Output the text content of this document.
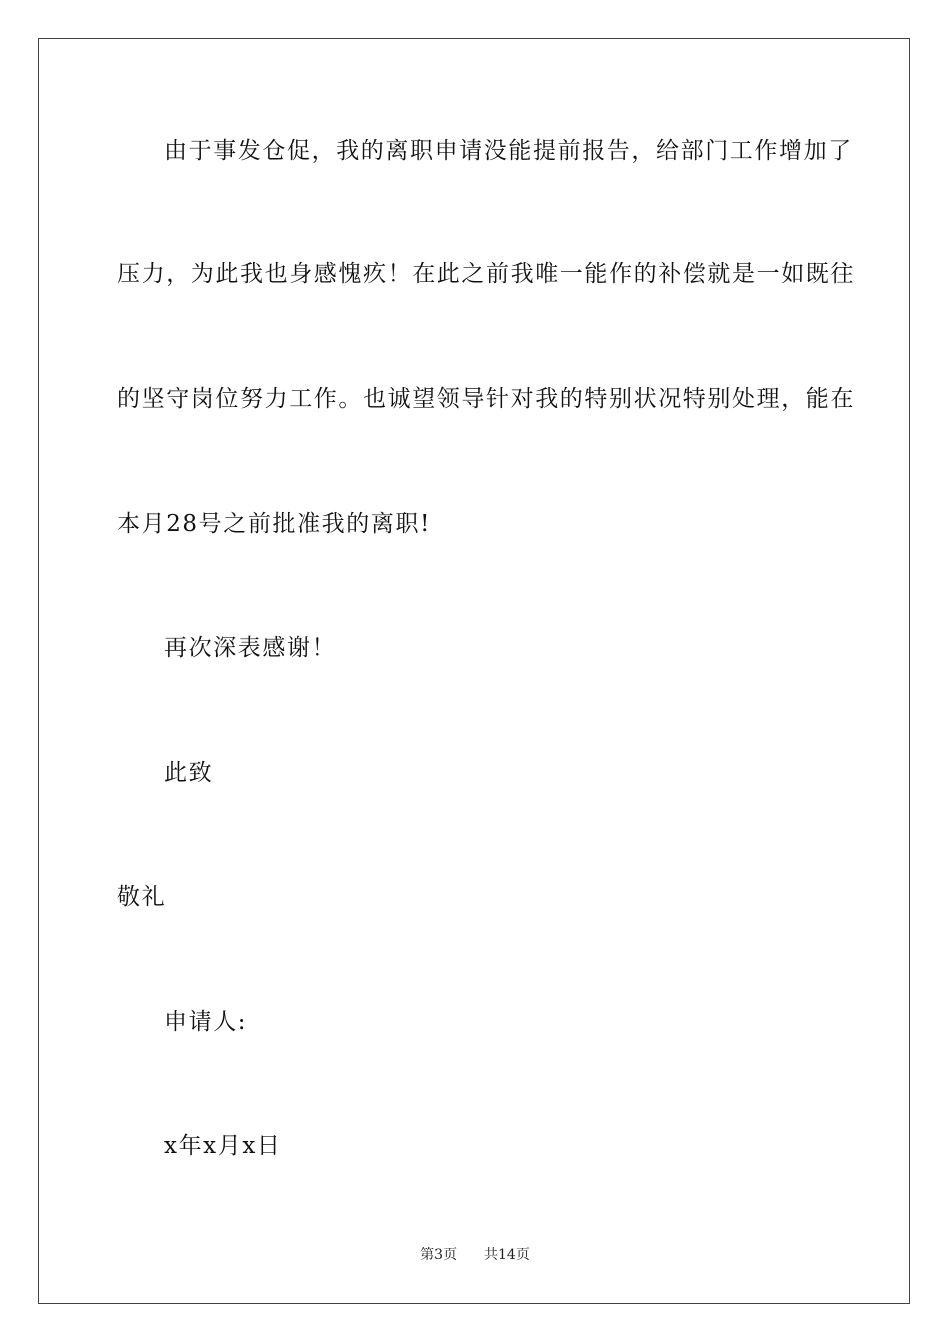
由于事发仓促，我的离职申请没能提前报告，给部门工作增加了
压力，为此我也身感愧疚！在此之前我唯一能作的补偿就是一如既往
的坚守岗位努力工作。也诚望领导针对我的特别状况特别处理，能在
本月28号之前批准我的离职!
再次深表感谢！
此致
敬礼
申请人:
x年x月x日
第3页 共14页
